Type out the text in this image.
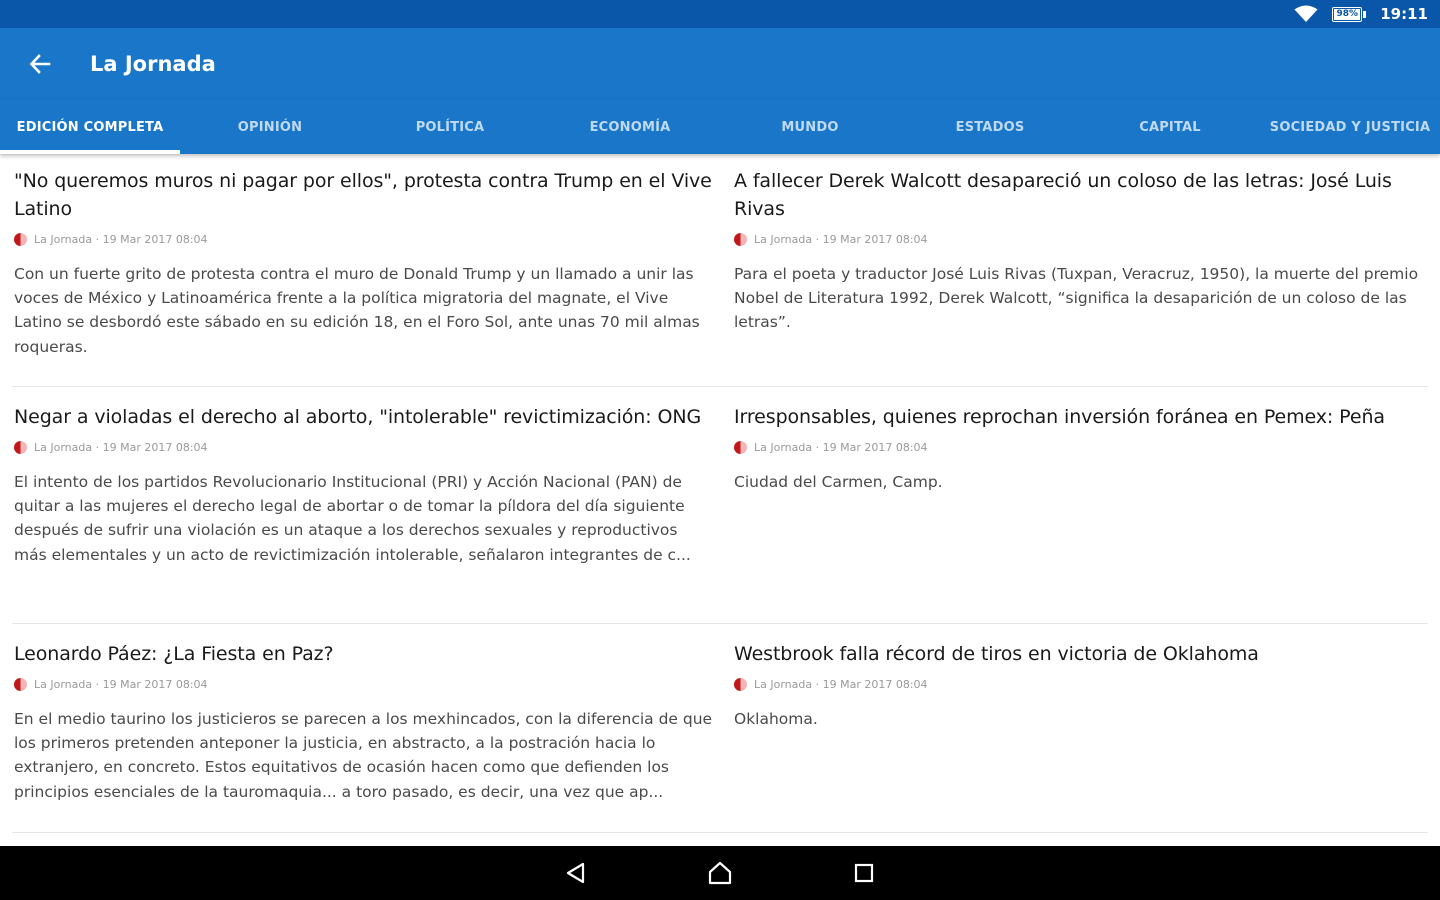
98% 19:11
La Jornada
EDICIÓN COMPLETA	OPINIÓN	POLÍTICA	ECONOMÍA	MUNDO	ESTADOS	CAPITAL	SOCIEDAD Y JUSTICIA
"No queremos muros ni pagar por ellos", protesta contra Trump en el Vive Latino
La Jornada · 19 Mar 2017 08:04
Con un fuerte grito de protesta contra el muro de Donald Trump y un llamado a unir las voces de México y Latinoamérica frente a la política migratoria del magnate, el Vive Latino se desbordó este sábado en su edición 18, en el Foro Sol, ante unas 70 mil almas roqueras.
A fallecer Derek Walcott desapareció un coloso de las letras: José Luis Rivas
La Jornada · 19 Mar 2017 08:04
Para el poeta y traductor José Luis Rivas (Tuxpan, Veracruz, 1950), la muerte del premio Nobel de Literatura 1992, Derek Walcott, “significa la desaparición de un coloso de las letras”.
Negar a violadas el derecho al aborto, "intolerable" revictimización: ONG
La Jornada · 19 Mar 2017 08:04
El intento de los partidos Revolucionario Institucional (PRI) y Acción Nacional (PAN) de quitar a las mujeres el derecho legal de abortar o de tomar la píldora del día siguiente después de sufrir una violación es un ataque a los derechos sexuales y reproductivos más elementales y un acto de revictimización intolerable, señalaron integrantes de c...
Irresponsables, quienes reprochan inversión foránea en Pemex: Peña
La Jornada · 19 Mar 2017 08:04
Ciudad del Carmen, Camp.
Leonardo Páez: ¿La Fiesta en Paz?
La Jornada · 19 Mar 2017 08:04
En el medio taurino los justicieros se parecen a los mexhincados, con la diferencia de que los primeros pretenden anteponer la justicia, en abstracto, a la postración hacia lo extranjero, en concreto. Estos equitativos de ocasión hacen como que defienden los principios esenciales de la tauromaquia... a toro pasado, es decir, una vez que ap...
Westbrook falla récord de tiros en victoria de Oklahoma
La Jornada · 19 Mar 2017 08:04
Oklahoma.
